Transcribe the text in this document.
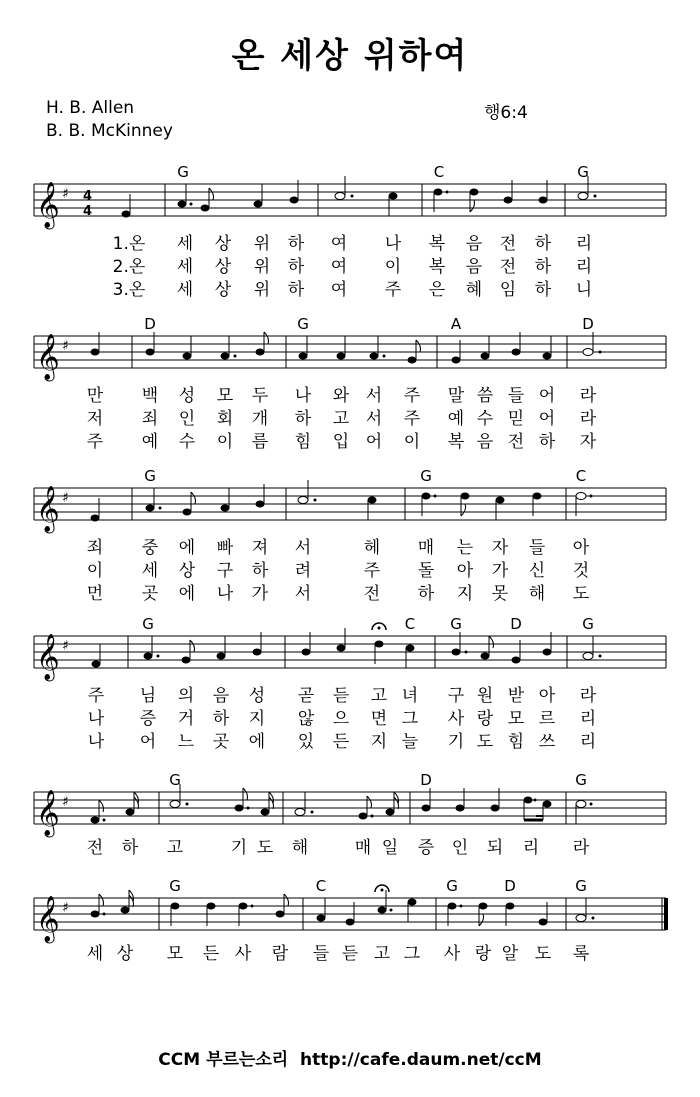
온 세상 위하여
H. B. Allen
B. B. McKinney
행6:4
G	C	G
𝄞 ♯ 4
4
1.온 세 상 위 하 여 나 복 음 전 하 리
2.온 세 상 위 하 여 이 복 음 전 하 리
3.온 세 상 위 하 여 주 은 혜 임 하 니
D	G	A	D
𝄞 ♯
만 백 성 모 두 나 와 서 주 말 씀 들 어 라
저 죄 인 회 개 하 고 서 주 예 수 믿 어 라
주 예 수 이 름 힘 입 어 이 복 음 전 하 자
G	G	C
𝄞 ♯
죄 중 에 빠 져 서	헤 매 는 자 들 아
이 세 상 구 하 려	주 돌 아 가 신 것
먼 곳 에 나 가 서	전 하 지 못 해 도
G	C G	D	G
𝄞 ♯
주 님 의 음 성 곧 듣 고 녀 구 원 받 아 라
나 증 거 하 지 않 으 면 그 사 랑 모 르 리
나 어 느 곳 에 있 든 지 늘 기 도 힘 쓰 리
G	D	G
𝄞 ♯
전 하 고	기 도 해	매 일 증 인 되 리 라
G	C	G	D	G
𝄞 ♯
세 상 모 든 사 람 들 듣 고 그 사 랑 알 도 록
CCM 부르는소리 http://cafe.daum.net/ccM
